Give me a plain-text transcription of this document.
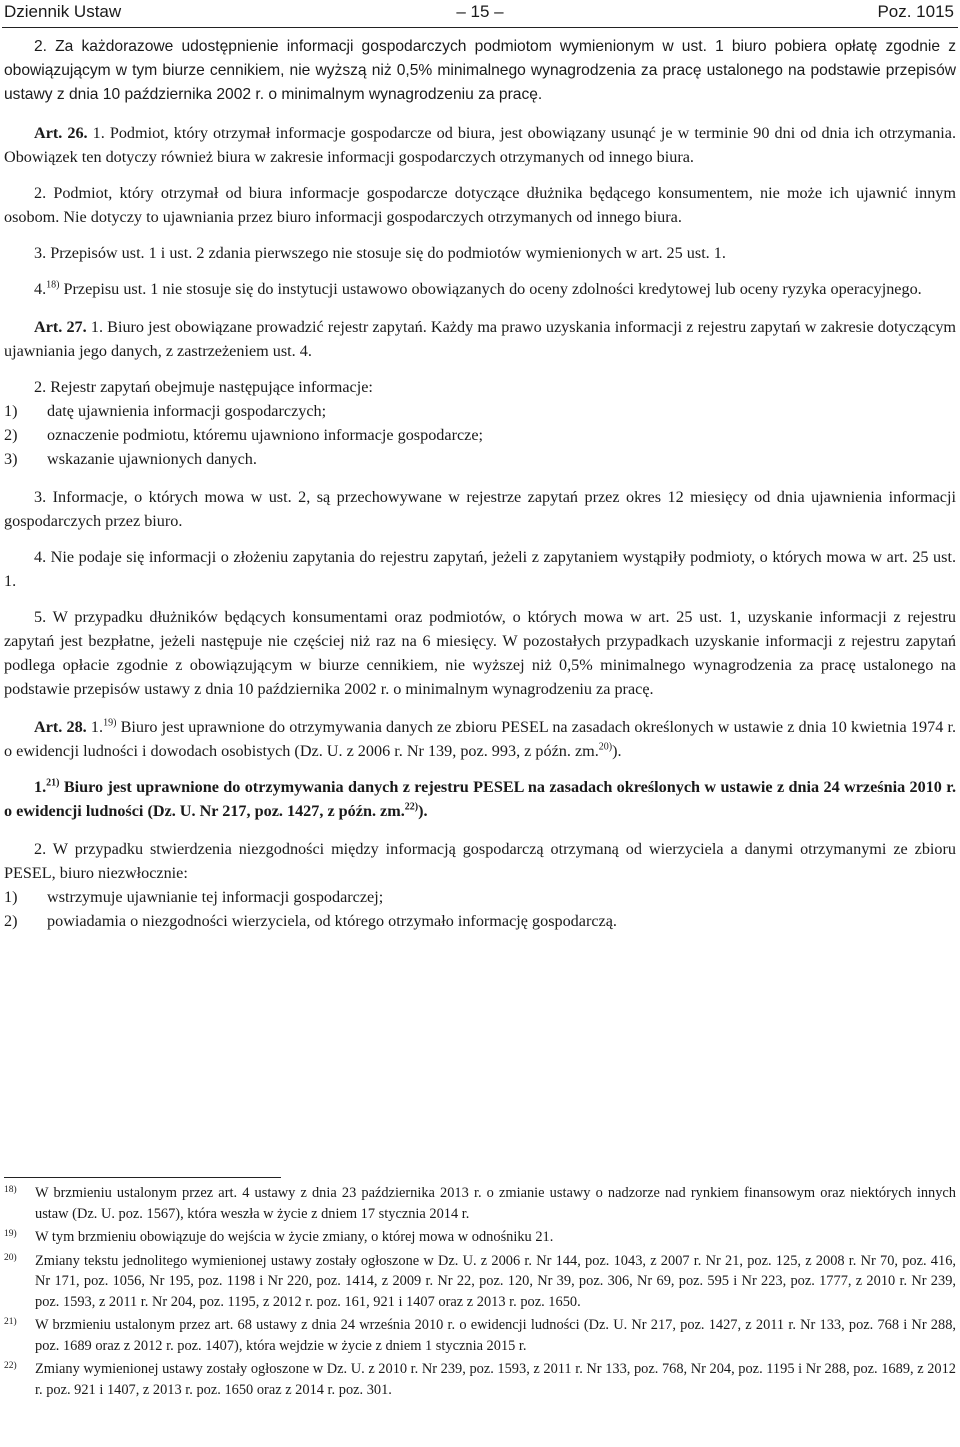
Dziennik Ustaw	– 15 –	Poz. 1015

2. Za każdorazowe udostępnienie informacji gospodarczych podmiotom wymienionym w ust. 1 biuro pobiera opłatę zgodnie z obowiązującym w tym biurze cennikiem, nie wyższą niż 0,5% minimalnego wynagrodzenia za pracę ustalonego na podstawie przepisów ustawy z dnia 10 października 2002 r. o minimalnym wynagrodzeniu za pracę.

Art. 26. 1. Podmiot, który otrzymał informacje gospodarcze od biura, jest obowiązany usunąć je w terminie 90 dni od dnia ich otrzymania. Obowiązek ten dotyczy również biura w zakresie informacji gospodarczych otrzymanych od innego biura.

2. Podmiot, który otrzymał od biura informacje gospodarcze dotyczące dłużnika będącego konsumentem, nie może ich ujawnić innym osobom. Nie dotyczy to ujawniania przez biuro informacji gospodarczych otrzymanych od innego biura.

3. Przepisów ust. 1 i ust. 2 zdania pierwszego nie stosuje się do podmiotów wymienionych w art. 25 ust. 1.

4.$^{18)}$ Przepisu ust. 1 nie stosuje się do instytucji ustawowo obowiązanych do oceny zdolności kredytowej lub oceny ryzyka operacyjnego.

Art. 27. 1. Biuro jest obowiązane prowadzić rejestr zapytań. Każdy ma prawo uzyskania informacji z rejestru zapytań w zakresie dotyczącym ujawniania jego danych, z zastrzeżeniem ust. 4.

2. Rejestr zapytań obejmuje następujące informacje:

1)	datę ujawnienia informacji gospodarczych;
2)	oznaczenie podmiotu, któremu ujawniono informacje gospodarcze;
3)	wskazanie ujawnionych danych.

3. Informacje, o których mowa w ust. 2, są przechowywane w rejestrze zapytań przez okres 12 miesięcy od dnia ujawnienia informacji gospodarczych przez biuro.

4. Nie podaje się informacji o złożeniu zapytania do rejestru zapytań, jeżeli z zapytaniem wystąpiły podmioty, o których mowa w art. 25 ust. 1.

5. W przypadku dłużników będących konsumentami oraz podmiotów, o których mowa w art. 25 ust. 1, uzyskanie informacji z rejestru zapytań jest bezpłatne, jeżeli następuje nie częściej niż raz na 6 miesięcy. W pozostałych przypadkach uzyskanie informacji z rejestru zapytań podlega opłacie zgodnie z obowiązującym w biurze cennikiem, nie wyższej niż 0,5% minimalnego wynagrodzenia za pracę ustalonego na podstawie przepisów ustawy z dnia 10 października 2002 r. o minimalnym wynagrodzeniu za pracę.

Art. 28. 1.$^{19)}$ Biuro jest uprawnione do otrzymywania danych ze zbioru PESEL na zasadach określonych w ustawie z dnia 10 kwietnia 1974 r. o ewidencji ludności i dowodach osobistych (Dz. U. z 2006 r. Nr 139, poz. 993, z późn. zm.$^{20)}$).

1.$^{21)}$ Biuro jest uprawnione do otrzymywania danych z rejestru PESEL na zasadach określonych w ustawie z dnia 24 września 2010 r. o ewidencji ludności (Dz. U. Nr 217, poz. 1427, z późn. zm.$^{22)}$).

2. W przypadku stwierdzenia niezgodności między informacją gospodarczą otrzymaną od wierzyciela a danymi otrzymanymi ze zbioru PESEL, biuro niezwłocznie:

1)	wstrzymuje ujawnianie tej informacji gospodarczej;
2)	powiadamia o niezgodności wierzyciela, od którego otrzymało informację gospodarczą.
18)	W brzmieniu ustalonym przez art. 4 ustawy z dnia 23 października 2013 r. o zmianie ustawy o nadzorze nad rynkiem finansowym oraz niektórych innych ustaw (Dz. U. poz. 1567), która weszła w życie z dniem 17 stycznia 2014 r.
19)	W tym brzmieniu obowiązuje do wejścia w życie zmiany, o której mowa w odnośniku 21.
20)	Zmiany tekstu jednolitego wymienionej ustawy zostały ogłoszone w Dz. U. z 2006 r. Nr 144, poz. 1043, z 2007 r. Nr 21, poz. 125, z 2008 r. Nr 70, poz. 416, Nr 171, poz. 1056, Nr 195, poz. 1198 i Nr 220, poz. 1414, z 2009 r. Nr 22, poz. 120, Nr 39, poz. 306, Nr 69, poz. 595 i Nr 223, poz. 1777, z 2010 r. Nr 239, poz. 1593, z 2011 r. Nr 204, poz. 1195, z 2012 r. poz. 161, 921 i 1407 oraz z 2013 r. poz. 1650.
21)	W brzmieniu ustalonym przez art. 68 ustawy z dnia 24 września 2010 r. o ewidencji ludności (Dz. U. Nr 217, poz. 1427, z 2011 r. Nr 133, poz. 768 i Nr 288, poz. 1689 oraz z 2012 r. poz. 1407), która wejdzie w życie z dniem 1 stycznia 2015 r.
22)	Zmiany wymienionej ustawy zostały ogłoszone w Dz. U. z 2010 r. Nr 239, poz. 1593, z 2011 r. Nr 133, poz. 768, Nr 204, poz. 1195 i Nr 288, poz. 1689, z 2012 r. poz. 921 i 1407, z 2013 r. poz. 1650 oraz z 2014 r. poz. 301.
